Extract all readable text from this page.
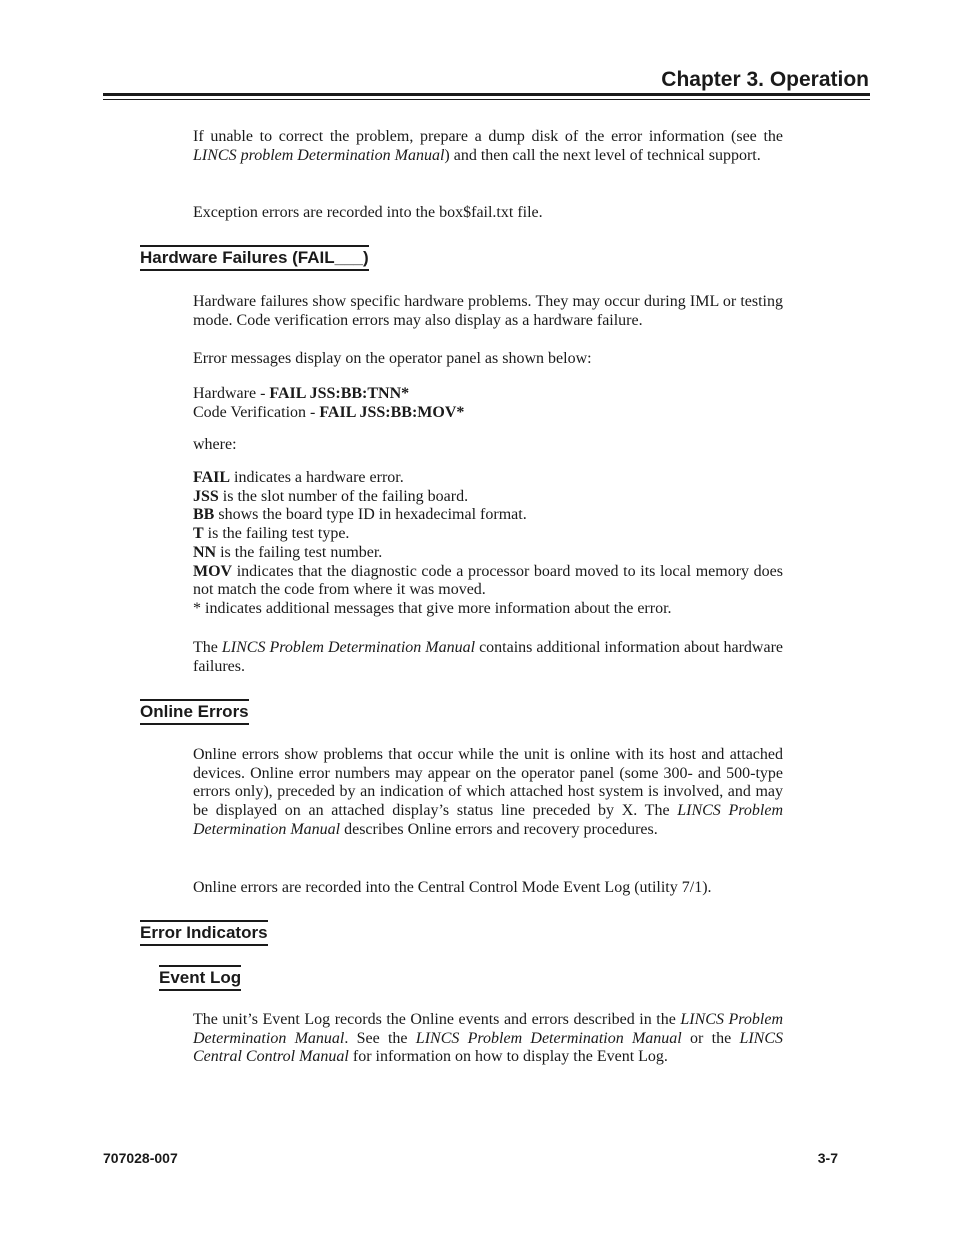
Chapter 3. Operation

If unable to correct the problem, prepare a dump disk of the error information (see the LINCS problem Determination Manual) and then call the next level of technical support.

Exception errors are recorded into the box$fail.txt file.

Hardware Failures (FAIL___)

Hardware failures show specific hardware problems. They may occur during IML or testing mode. Code verification errors may also display as a hardware failure.

Error messages display on the operator panel as shown below:

Hardware - FAIL JSS:BB:TNN*
Code Verification - FAIL JSS:BB:MOV*

where:

FAIL indicates a hardware error.
JSS is the slot number of the failing board.
BB shows the board type ID in hexadecimal format.
T is the failing test type.
NN is the failing test number.
MOV indicates that the diagnostic code a processor board moved to its local memory does not match the code from where it was moved.
* indicates additional messages that give more information about the error.

The LINCS Problem Determination Manual contains additional information about hardware failures.

Online Errors

Online errors show problems that occur while the unit is online with its host and attached devices. Online error numbers may appear on the operator panel (some 300- and 500-type errors only), preceded by an indication of which attached host system is involved, and may be displayed on an attached display’s status line preceded by X. The LINCS Problem Determination Manual describes Online errors and recovery procedures.

Online errors are recorded into the Central Control Mode Event Log (utility 7/1).

Error Indicators
Event Log

The unit’s Event Log records the Online events and errors described in the LINCS Problem Determination Manual. See the LINCS Problem Determination Manual or the LINCS Central Control Manual for information on how to display the Event Log.

707028-007	3-7
